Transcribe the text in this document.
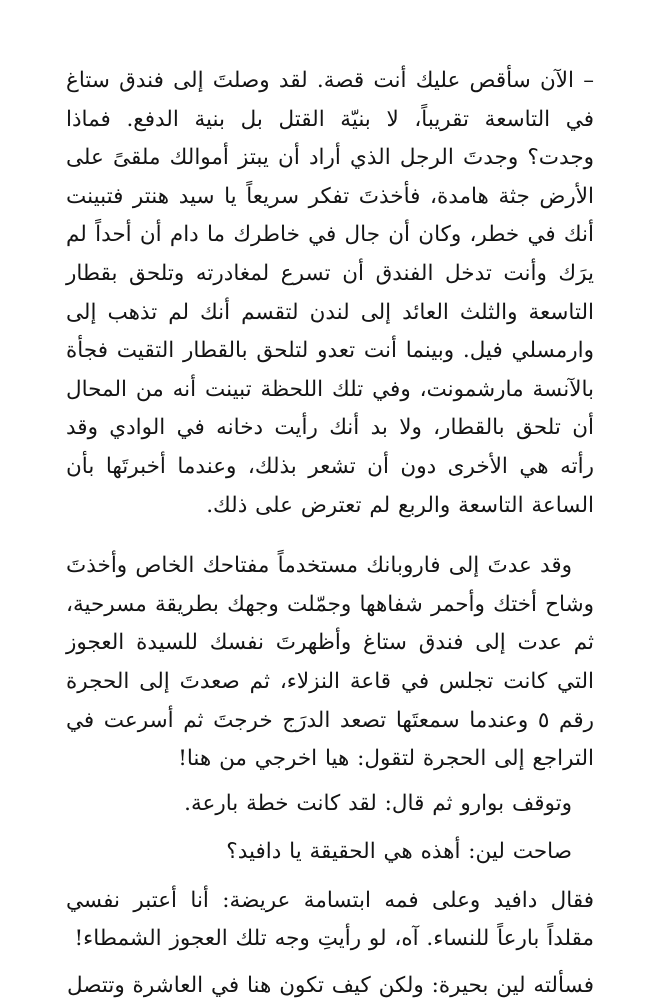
– الآن سأقص عليك أنت قصة. لقد وصلتَ إلى فندق ستاغ في التاسعة تقريباً، لا بنيّة القتل بل بنية الدفع. فماذا وجدت؟ وجدتَ الرجل الذي أراد أن يبتز أموالك ملقىً على الأرض جثة هامدة، فأخذتَ تفكر سريعاً يا سيد هنتر فتبينت أنك في خطر، وكان أن جال في خاطرك ما دام أن أحداً لم يرَك وأنت تدخل الفندق أن تسرع لمغادرته وتلحق بقطار التاسعة والثلث العائد إلى لندن لتقسم أنك لم تذهب إلى وارمسلي فيل. وبينما أنت تعدو لتلحق بالقطار التقيت فجأة بالآنسة مارشمونت، وفي تلك اللحظة تبينت أنه من المحال أن تلحق بالقطار، ولا بد أنك رأيت دخانه في الوادي وقد رأته هي الأخرى دون أن تشعر بذلك، وعندما أخبرتَها بأن الساعة التاسعة والربع لم تعترض على ذلك.

وقد عدتَ إلى فاروبانك مستخدماً مفتاحك الخاص وأخذتَ وشاح أختك وأحمر شفاهها وجمّلت وجهك بطريقة مسرحية، ثم عدت إلى فندق ستاغ وأظهرتَ نفسك للسيدة العجوز التي كانت تجلس في قاعة النزلاء، ثم صعدتَ إلى الحجرة رقم ٥ وعندما سمعتَها تصعد الدرَج خرجتَ ثم أسرعت في التراجع إلى الحجرة لتقول: هيا اخرجي من هنا!

وتوقف بوارو ثم قال: لقد كانت خطة بارعة.

صاحت لين: أهذه هي الحقيقة يا دافيد؟

فقال دافيد وعلى فمه ابتسامة عريضة: أنا أعتبر نفسي مقلداً بارعاً للنساء. آه، لو رأيتِ وجه تلك العجوز الشمطاء!

فسألته لين بحيرة: ولكن كيف تكون هنا في العاشرة وتتصل
